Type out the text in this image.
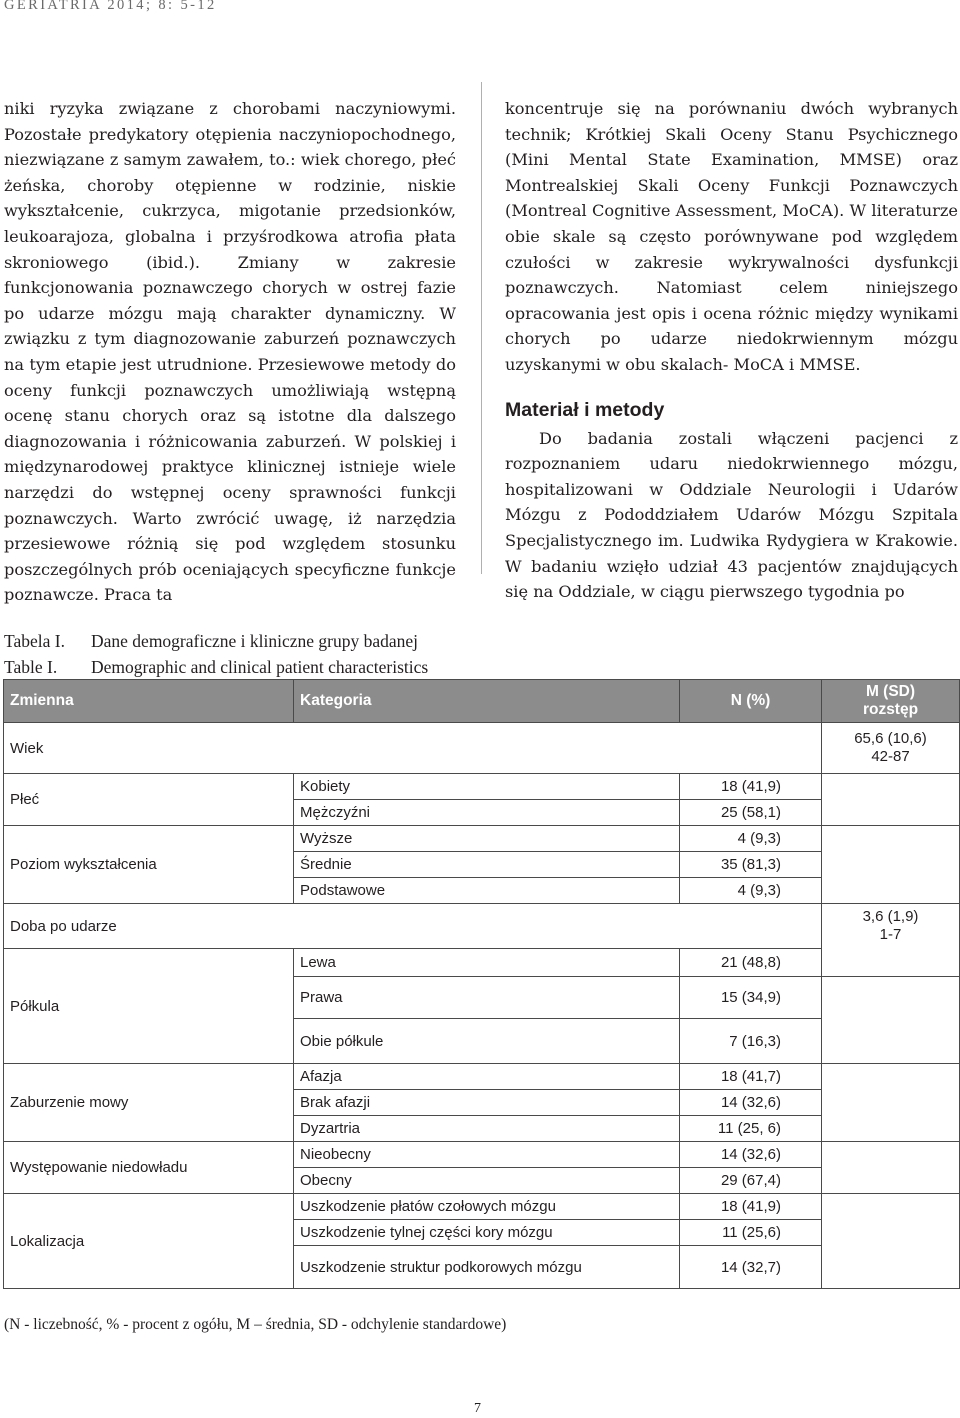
GERIATRIA 2014; 8: 5-12

niki ryzyka związane z chorobami naczyniowymi. Pozostałe predykatory otępienia naczyniopochodnego, niezwiązane z samym zawałem, to.: wiek chorego, płeć żeńska, choroby otępienne w rodzinie, niskie wykształcenie, cukrzyca, migotanie przedsionków, leukoarajoza, globalna i przyśrodkowa atrofia płata skroniowego (ibid.). Zmiany w zakresie funkcjonowania poznawczego chorych w ostrej fazie po udarze mózgu mają charakter dynamiczny. W związku z tym diagnozowanie zaburzeń poznawczych na tym etapie jest utrudnione. Przesiewowe metody do oceny funkcji poznawczych umożliwiają wstępną ocenę stanu chorych oraz są istotne dla dalszego diagnozowania i różnicowania zaburzeń. W polskiej i międzynarodowej praktyce klinicznej istnieje wiele narzędzi do wstępnej oceny sprawności funkcji poznawczych. Warto zwrócić uwagę, iż narzędzia przesiewowe różnią się pod względem stosunku poszczególnych prób oceniających specyficzne funkcje poznawcze. Praca ta

koncentruje się na porównaniu dwóch wybranych technik; Krótkiej Skali Oceny Stanu Psychicznego (Mini Mental State Examination, MMSE) oraz Montrealskiej Skali Oceny Funkcji Poznawczych (Montreal Cognitive Assessment, MoCA). W literaturze obie skale są często porównywane pod względem czułości w zakresie wykrywalności dysfunkcji poznawczych. Natomiast celem niniejszego opracowania jest opis i ocena różnic między wynikami chorych po udarze niedokrwiennym mózgu uzyskanymi w obu skalach- MoCA i MMSE.

Materiał i metody

Do badania zostali włączeni pacjenci z rozpoznaniem udaru niedokrwiennego mózgu, hospitalizowani w Oddziale Neurologii i Udarów Mózgu z Pododdziałem Udarów Mózgu Szpitala Specjalistycznego im. Ludwika Rydygiera w Krakowie. W badaniu wzięło udział 43 pacjentów znajdujących się na Oddziale, w ciągu pierwszego tygodnia po

Tabela I.	Dane demograficzne i kliniczne grupy badanej
Table I.	Demographic and clinical patient characteristics
Zmienna	Kategoria	N (%)	M (SD)
rozstęp
Wiek			65,6 (10,6)
42-87
Płeć	Kobiety	18 (41,9)	
	Mężczyźni	25 (58,1)	
Poziom wykształcenia	Wyższe	4 (9,3)	
	Średnie	35 (81,3)	
	Podstawowe	4 (9,3)	
Doba po udarze			3,6 (1,9)
1-7
Półkula	Lewa	21 (48,8)	
	Prawa	15 (34,9)	
	Obie półkule	7 (16,3)	
Zaburzenie mowy	Afazja	18 (41,7)	
	Brak afazji	14 (32,6)	
	Dyzartria	11 (25, 6)	
Występowanie niedowładu	Nieobecny	14 (32,6)	
	Obecny	29 (67,4)	
Lokalizacja	Uszkodzenie płatów czołowych mózgu	18 (41,9)	
	Uszkodzenie tylnej części kory mózgu	11 (25,6)	
	Uszkodzenie struktur podkorowych mózgu	14 (32,7)	
(N - liczebność, % - procent z ogółu, M – średnia, SD - odchylenie standardowe)
7
